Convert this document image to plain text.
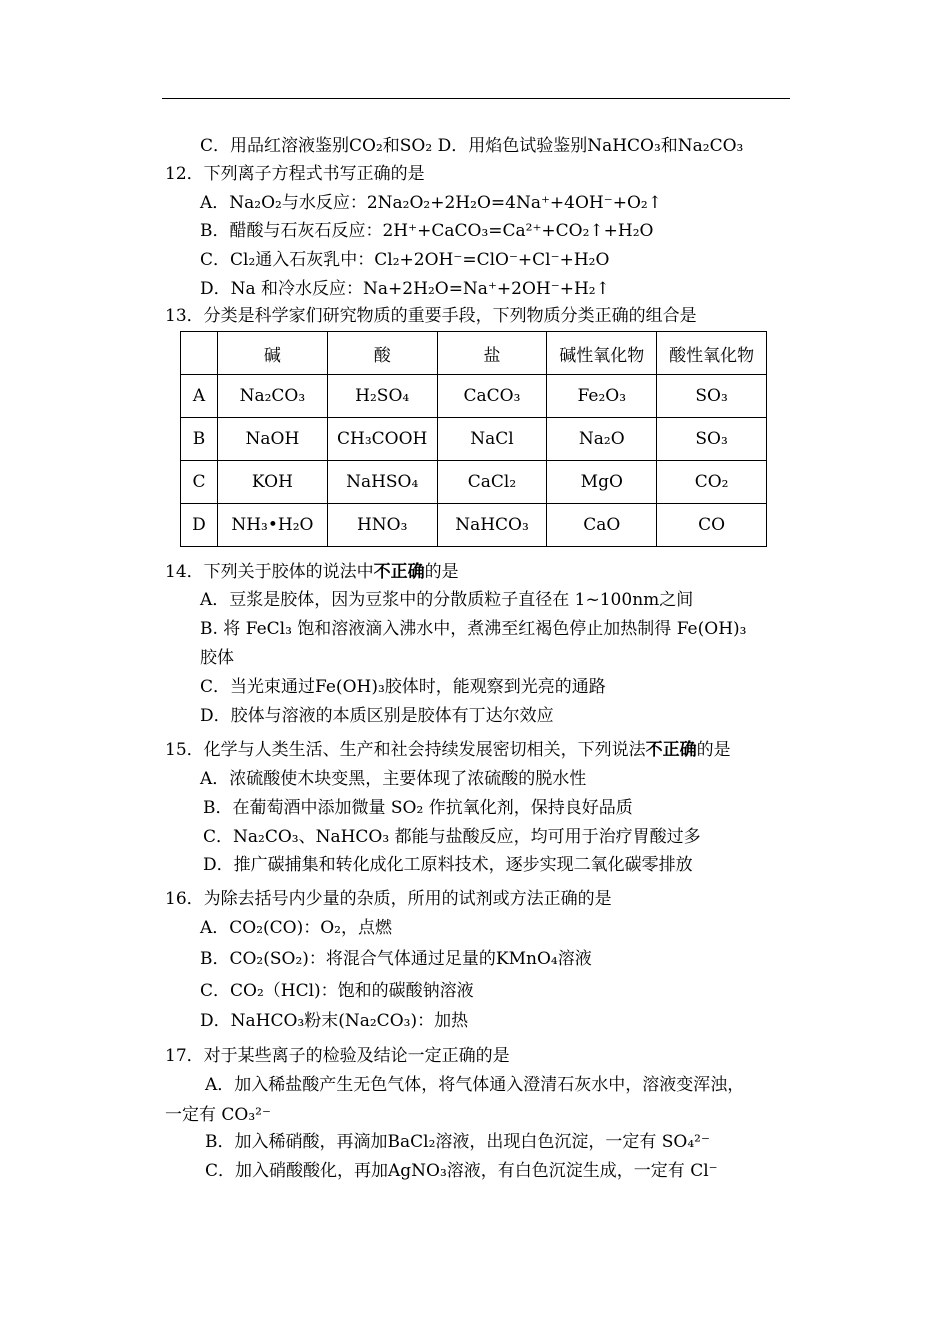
C．用品红溶液鉴别CO₂和SO₂ D．用焰色试验鉴别NaHCO₃和Na₂CO₃
12．下列离子方程式书写正确的是
A．Na₂O₂与水反应：2Na₂O₂+2H₂O=4Na⁺+4OH⁻+O₂↑
B．醋酸与石灰石反应：2H⁺+CaCO₃=Ca²⁺+CO₂↑+H₂O
C．Cl₂通入石灰乳中：Cl₂+2OH⁻=ClO⁻+Cl⁻+H₂O
D．Na 和冷水反应：Na+2H₂O=Na⁺+2OH⁻+H₂↑
13．分类是科学家们研究物质的重要手段，下列物质分类正确的组合是
	碱	酸	盐	碱性氧化物	酸性氧化物
A	Na₂CO₃	H₂SO₄	CaCO₃	Fe₂O₃	SO₃
B	NaOH	CH₃COOH	NaCl	Na₂O	SO₃
C	KOH	NaHSO₄	CaCl₂	MgO	CO₂
D	NH₃•H₂O	HNO₃	NaHCO₃	CaO	CO
14．下列关于胶体的说法中不正确的是
A．豆浆是胶体，因为豆浆中的分散质粒子直径在 1~100nm之间
B. 将 FeCl₃ 饱和溶液滴入沸水中，煮沸至红褐色停止加热制得 Fe(OH)₃
胶体
C．当光束通过Fe(OH)₃胶体时，能观察到光亮的通路
D．胶体与溶液的本质区别是胶体有丁达尔效应
15．化学与人类生活、生产和社会持续发展密切相关，下列说法不正确的是
A．浓硫酸使木块变黑，主要体现了浓硫酸的脱水性
B．在葡萄酒中添加微量 SO₂ 作抗氧化剂，保持良好品质
C．Na₂CO₃、NaHCO₃ 都能与盐酸反应，均可用于治疗胃酸过多
D．推广碳捕集和转化成化工原料技术，逐步实现二氧化碳零排放
16．为除去括号内少量的杂质，所用的试剂或方法正确的是
A．CO₂(CO)：O₂，点燃
B．CO₂(SO₂)：将混合气体通过足量的KMnO₄溶液
C．CO₂（HCl)：饱和的碳酸钠溶液
D．NaHCO₃粉末(Na₂CO₃)：加热
17．对于某些离子的检验及结论一定正确的是
A．加入稀盐酸产生无色气体，将气体通入澄清石灰水中，溶液变浑浊，
一定有 CO₃²⁻
B．加入稀硝酸，再滴加BaCl₂溶液，出现白色沉淀，一定有 SO₄²⁻
C．加入硝酸酸化，再加AgNO₃溶液，有白色沉淀生成，一定有 Cl⁻
